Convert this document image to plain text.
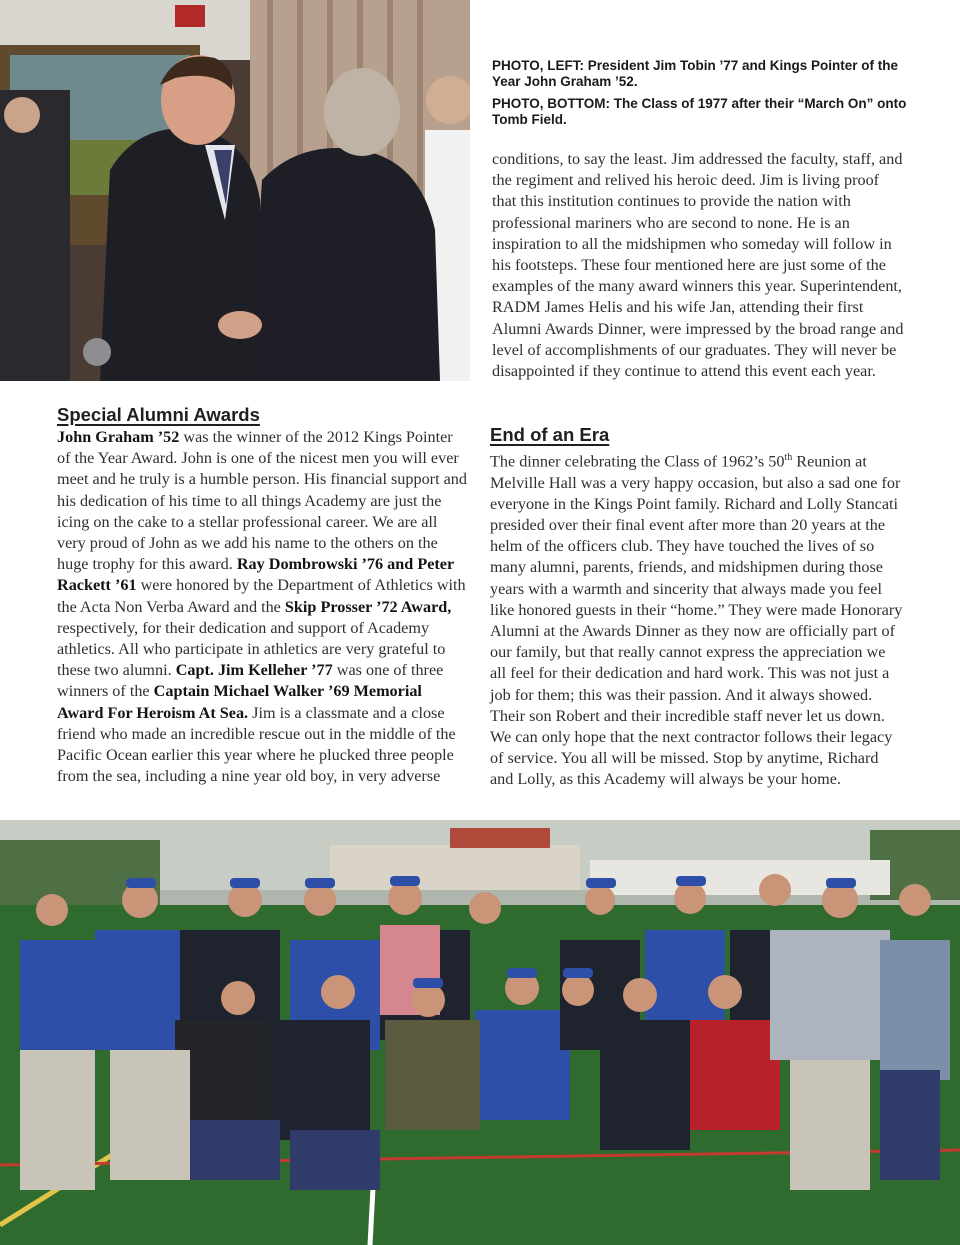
PHOTO, LEFT: President Jim Tobin ’77 and Kings Pointer of the Year John Graham ’52.

PHOTO, BOTTOM: The Class of 1977 after their “March On” onto Tomb Field.

conditions, to say the least. Jim addressed the faculty, staff, and the regiment and relived his heroic deed. Jim is living proof that this institution continues to provide the nation with professional mariners who are second to none. He is an inspiration to all the midshipmen who someday will follow in his footsteps. These four mentioned here are just some of the examples of the many award winners this year. Superintendent, RADM James Helis and his wife Jan, attending their first Alumni Awards Dinner, were impressed by the broad range and level of accomplishments of our graduates. They will never be disappointed if they continue to attend this event each year.

Special Alumni Awards

John Graham ’52 was the winner of the 2012 Kings Pointer of the Year Award. John is one of the nicest men you will ever meet and he truly is a humble person. His financial support and his dedication of his time to all things Academy are just the icing on the cake to a stellar professional career. We are all very proud of John as we add his name to the others on the huge trophy for this award. Ray Dombrowski ’76 and Peter Rackett ’61 were honored by the Department of Athletics with the Acta Non Verba Award and the Skip Prosser ’72 Award, respectively, for their dedication and support of Academy athletics. All who participate in athletics are very grateful to these two alumni. Capt. Jim Kelleher ’77 was one of three winners of the Captain Michael Walker ’69 Memorial Award For Heroism At Sea. Jim is a classmate and a close friend who made an incredible rescue out in the middle of the Pacific Ocean earlier this year where he plucked three people from the sea, including a nine year old boy, in very adverse

End of an Era

The dinner celebrating the Class of 1962’s 50th Reunion at Melville Hall was a very happy occasion, but also a sad one for everyone in the Kings Point family. Richard and Lolly Stancati presided over their final event after more than 20 years at the helm of the officers club. They have touched the lives of so many alumni, parents, friends, and midshipmen during those years with a warmth and sincerity that always made you feel like honored guests in their “home.” They were made Honorary Alumni at the Awards Dinner as they now are officially part of our family, but that really cannot express the appreciation we all feel for their dedication and hard work. This was not just a job for them; this was their passion. And it always showed. Their son Robert and their incredible staff never let us down. We can only hope that the next contractor follows their legacy of service. You all will be missed. Stop by anytime, Richard and Lolly, as this Academy will always be your home.
